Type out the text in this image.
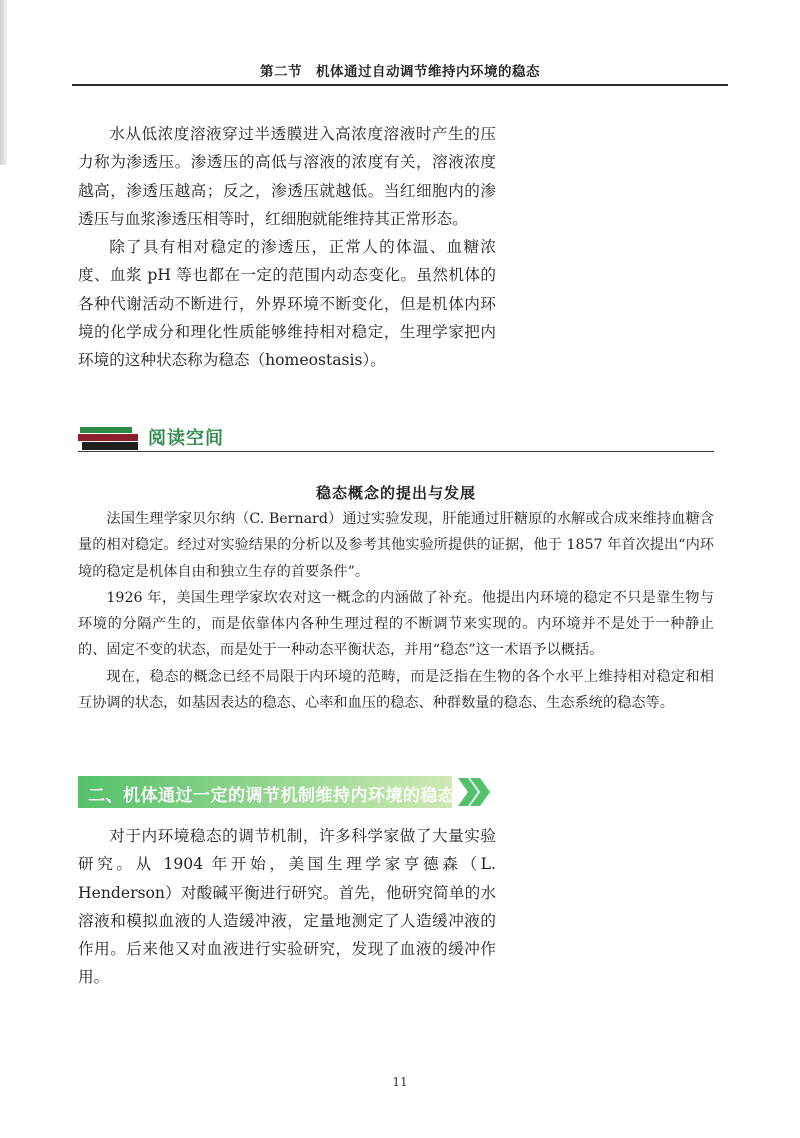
第二节　机体通过自动调节维持内环境的稳态

水从低浓度溶液穿过半透膜进入高浓度溶液时产生的压力称为渗透压。渗透压的高低与溶液的浓度有关，溶液浓度越高，渗透压越高；反之，渗透压就越低。当红细胞内的渗透压与血浆渗透压相等时，红细胞就能维持其正常形态。

除了具有相对稳定的渗透压，正常人的体温、血糖浓度、血浆 pH 等也都在一定的范围内动态变化。虽然机体的各种代谢活动不断进行，外界环境不断变化，但是机体内环境的化学成分和理化性质能够维持相对稳定，生理学家把内环境的这种状态称为稳态（homeostasis）。

阅读空间
稳态概念的提出与发展

法国生理学家贝尔纳（C. Bernard）通过实验发现，肝能通过肝糖原的水解或合成来维持血糖含量的相对稳定。经过对实验结果的分析以及参考其他实验所提供的证据，他于 1857 年首次提出“内环境的稳定是机体自由和独立生存的首要条件”。

1926 年，美国生理学家坎农对这一概念的内涵做了补充。他提出内环境的稳定不只是靠生物与环境的分隔产生的，而是依靠体内各种生理过程的不断调节来实现的。内环境并不是处于一种静止的、固定不变的状态，而是处于一种动态平衡状态，并用“稳态”这一术语予以概括。

现在，稳态的概念已经不局限于内环境的范畴，而是泛指在生物的各个水平上维持相对稳定和相互协调的状态，如基因表达的稳态、心率和血压的稳态、种群数量的稳态、生态系统的稳态等。

二、机体通过一定的调节机制维持内环境的稳态

对于内环境稳态的调节机制，许多科学家做了大量实验研究。从 1904 年开始，美国生理学家亨德森（L. Henderson）对酸碱平衡进行研究。首先，他研究简单的水溶液和模拟血液的人造缓冲液，定量地测定了人造缓冲液的作用。后来他又对血液进行实验研究，发现了血液的缓冲作用。

11
